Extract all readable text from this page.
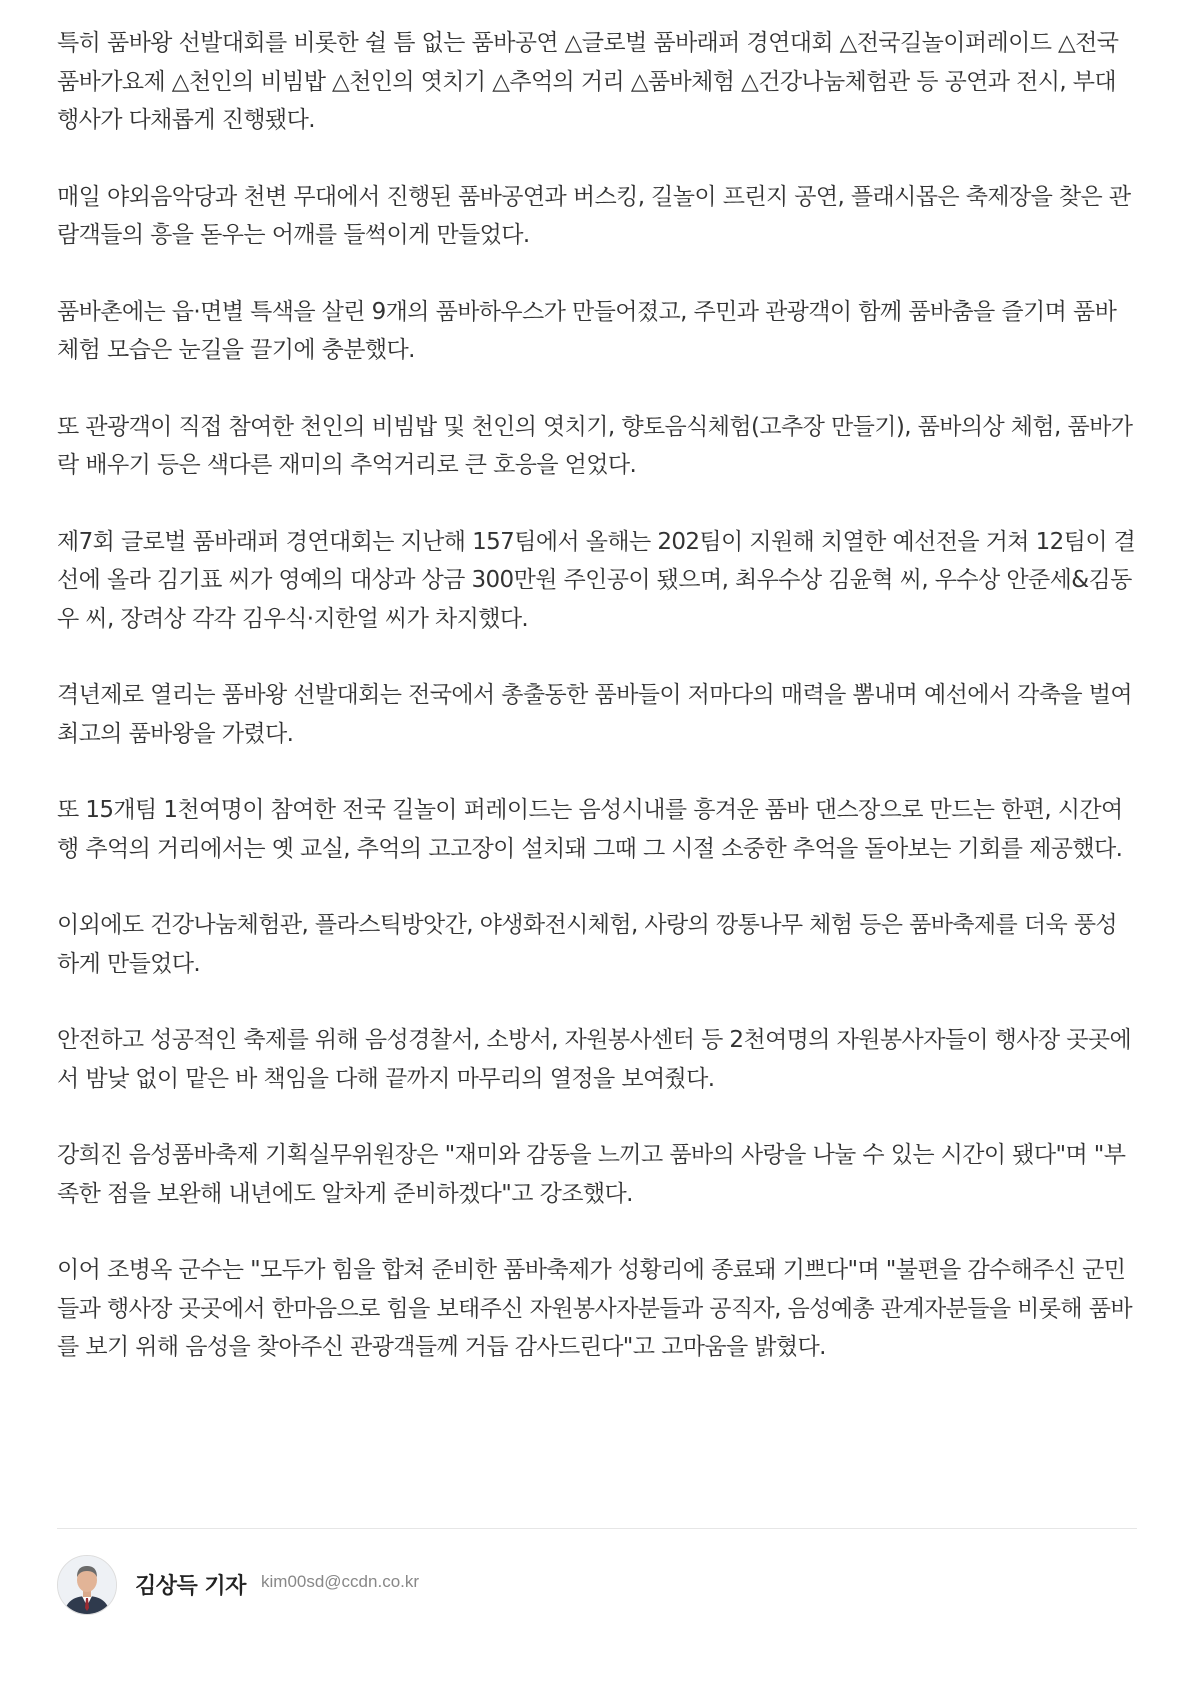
특히 품바왕 선발대회를 비롯한 쉴 틈 없는 품바공연 △글로벌 품바래퍼 경연대회 △전국길놀이퍼레이드 △전국 품바가요제 △천인의 비빔밥 △천인의 엿치기 △추억의 거리 △품바체험 △건강나눔체험관 등 공연과 전시, 부대행사가 다채롭게 진행됐다.

매일 야외음악당과 천변 무대에서 진행된 품바공연과 버스킹, 길놀이 프린지 공연, 플래시몹은 축제장을 찾은 관람객들의 흥을 돋우는 어깨를 들썩이게 만들었다.

품바촌에는 읍·면별 특색을 살린 9개의 품바하우스가 만들어졌고, 주민과 관광객이 함께 품바춤을 즐기며 품바체험 모습은 눈길을 끌기에 충분했다.

또 관광객이 직접 참여한 천인의 비빔밥 및 천인의 엿치기, 향토음식체험(고추장 만들기), 품바의상 체험, 품바가락 배우기 등은 색다른 재미의 추억거리로 큰 호응을 얻었다.

제7회 글로벌 품바래퍼 경연대회는 지난해 157팀에서 올해는 202팀이 지원해 치열한 예선전을 거쳐 12팀이 결선에 올라 김기표 씨가 영예의 대상과 상금 300만원 주인공이 됐으며, 최우수상 김윤혁 씨, 우수상 안준세&김동우 씨, 장려상 각각 김우식·지한얼 씨가 차지했다.

격년제로 열리는 품바왕 선발대회는 전국에서 총출동한 품바들이 저마다의 매력을 뽐내며 예선에서 각축을 벌여 최고의 품바왕을 가렸다.

또 15개팀 1천여명이 참여한 전국 길놀이 퍼레이드는 음성시내를 흥겨운 품바 댄스장으로 만드는 한편, 시간여행 추억의 거리에서는 옛 교실, 추억의 고고장이 설치돼 그때 그 시절 소중한 추억을 돌아보는 기회를 제공했다.

이외에도 건강나눔체험관, 플라스틱방앗간, 야생화전시체험, 사랑의 깡통나무 체험 등은 품바축제를 더욱 풍성하게 만들었다.

안전하고 성공적인 축제를 위해 음성경찰서, 소방서, 자원봉사센터 등 2천여명의 자원봉사자들이 행사장 곳곳에서 밤낮 없이 맡은 바 책임을 다해 끝까지 마무리의 열정을 보여줬다.

강희진 음성품바축제 기획실무위원장은 "재미와 감동을 느끼고 품바의 사랑을 나눌 수 있는 시간이 됐다"며 "부족한 점을 보완해 내년에도 알차게 준비하겠다"고 강조했다.

이어 조병옥 군수는 "모두가 힘을 합쳐 준비한 품바축제가 성황리에 종료돼 기쁘다"며 "불편을 감수해주신 군민들과 행사장 곳곳에서 한마음으로 힘을 보태주신 자원봉사자분들과 공직자, 음성예총 관계자분들을 비롯해 품바를 보기 위해 음성을 찾아주신 관광객들께 거듭 감사드린다"고 고마움을 밝혔다.

김상득 기자 kim00sd@ccdn.co.kr
